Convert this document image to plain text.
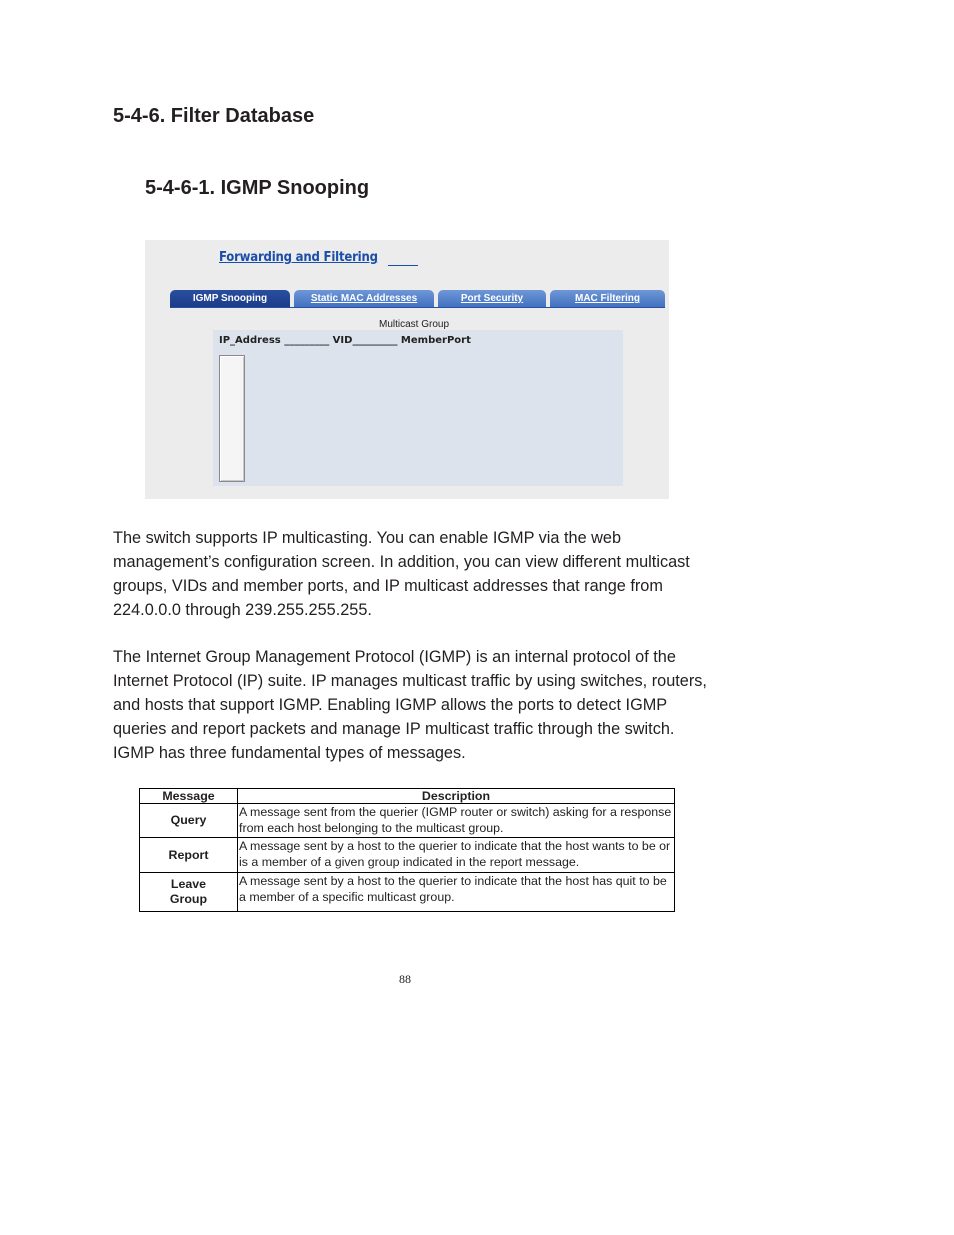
5-4-6. Filter Database
5-4-6-1. IGMP Snooping
Forwarding and Filtering
IGMP Snooping	Static MAC Addresses	Port Security	MAC Filtering
Multicast Group
IP_Address _________ VID_________ MemberPort

The switch supports IP multicasting. You can enable IGMP via the web management’s configuration screen. In addition, you can view different multicast groups, VIDs and member ports, and IP multicast addresses that range from 224.0.0.0 through 239.255.255.255.

The Internet Group Management Protocol (IGMP) is an internal protocol of the Internet Protocol (IP) suite. IP manages multicast traffic by using switches, routers, and hosts that support IGMP. Enabling IGMP allows the ports to detect IGMP queries and report packets and manage IP multicast traffic through the switch. IGMP has three fundamental types of messages.

Message	Description
Query	A message sent from the querier (IGMP router or switch) asking for a response from each host belonging to the multicast group.
Report	A message sent by a host to the querier to indicate that the host wants to be or is a member of a given group indicated in the report message.
Leave Group	A message sent by a host to the querier to indicate that the host has quit to be a member of a specific multicast group.
88
